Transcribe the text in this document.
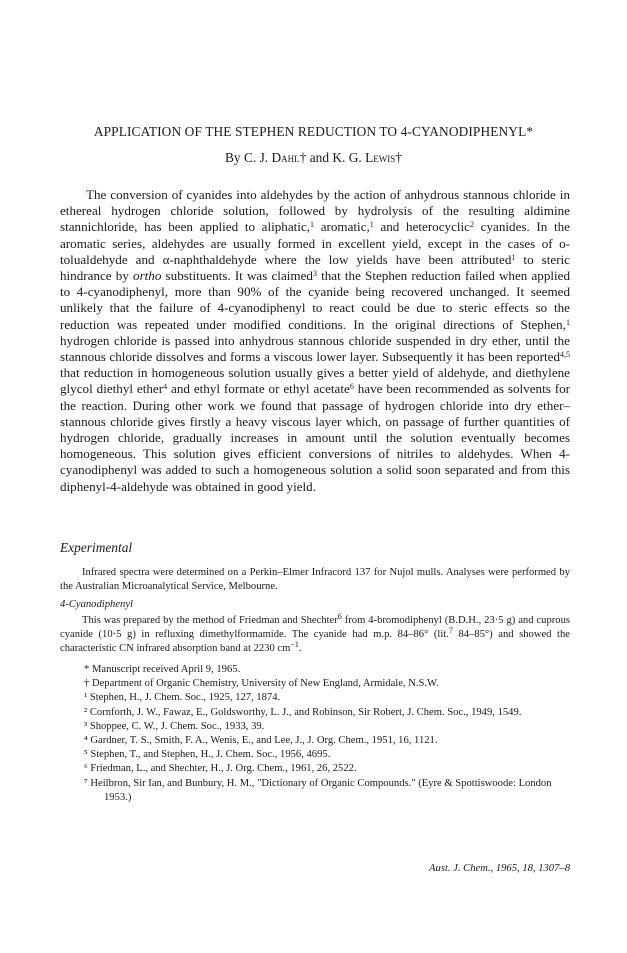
APPLICATION OF THE STEPHEN REDUCTION TO 4-CYANODIPHENYL*
By C. J. Dahl† and K. G. Lewis†

The conversion of cyanides into aldehydes by the action of anhydrous stannous chloride in ethereal hydrogen chloride solution, followed by hydrolysis of the resulting aldimine stannichloride, has been applied to aliphatic,$^1$ aromatic,$^1$ and heterocyclic$^2$ cyanides. In the aromatic series, aldehydes are usually formed in excellent yield, except in the cases of o-tolualdehyde and α-naphthaldehyde where the low yields have been attributed$^1$ to steric hindrance by ortho substituents. It was claimed$^3$ that the Stephen reduction failed when applied to 4-cyanodiphenyl, more than 90% of the cyanide being recovered unchanged. It seemed unlikely that the failure of 4-cyanodiphenyl to react could be due to steric effects so the reduction was repeated under modified conditions. In the original directions of Stephen,$^1$ hydrogen chloride is passed into anhydrous stannous chloride suspended in dry ether, until the stannous chloride dissolves and forms a viscous lower layer. Subsequently it has been reported$^{4,5}$ that reduction in homogeneous solution usually gives a better yield of aldehyde, and diethylene glycol diethyl ether$^4$ and ethyl formate or ethyl acetate$^6$ have been recommended as solvents for the reaction. During other work we found that passage of hydrogen chloride into dry ether–stannous chloride gives firstly a heavy viscous layer which, on passage of further quantities of hydrogen chloride, gradually increases in amount until the solution eventually becomes homogeneous. This solution gives efficient conversions of nitriles to aldehydes. When 4-cyanodiphenyl was added to such a homogeneous solution a solid soon separated and from this diphenyl-4-aldehyde was obtained in good yield.

Experimental

Infrared spectra were determined on a Perkin–Elmer Infracord 137 for Nujol mulls. Analyses were performed by the Australian Microanalytical Service, Melbourne.

4-Cyanodiphenyl

This was prepared by the method of Friedman and Shechter$^6$ from 4-bromodiphenyl (B.D.H., 23·5 g) and cuprous cyanide (10·5 g) in refluxing dimethylformamide. The cyanide had m.p. 84–86° (lit.$^7$ 84–85°) and showed the characteristic CN infrared absorption band at 2230 $cm^{-1}$.

* Manuscript received April 9, 1965.
† Department of Organic Chemistry, University of New England, Armidale, N.S.W.
¹ Stephen, H., J. Chem. Soc., 1925, 127, 1874.
² Cornforth, J. W., Fawaz, E., Goldsworthy, L. J., and Robinson, Sir Robert, J. Chem. Soc., 1949, 1549.
³ Shoppee, C. W., J. Chem. Soc., 1933, 39.
⁴ Gardner, T. S., Smith, F. A., Wenis, E., and Lee, J., J. Org. Chem., 1951, 16, 1121.
⁵ Stephen, T., and Stephen, H., J. Chem. Soc., 1956, 4695.
⁶ Friedman, L., and Shechter, H., J. Org. Chem., 1961, 26, 2522.
⁷ Heilbron, Sir Ian, and Bunbury, H. M., "Dictionary of Organic Compounds." (Eyre & Spottiswoode: London 1953.)
Aust. J. Chem., 1965, 18, 1307–8
